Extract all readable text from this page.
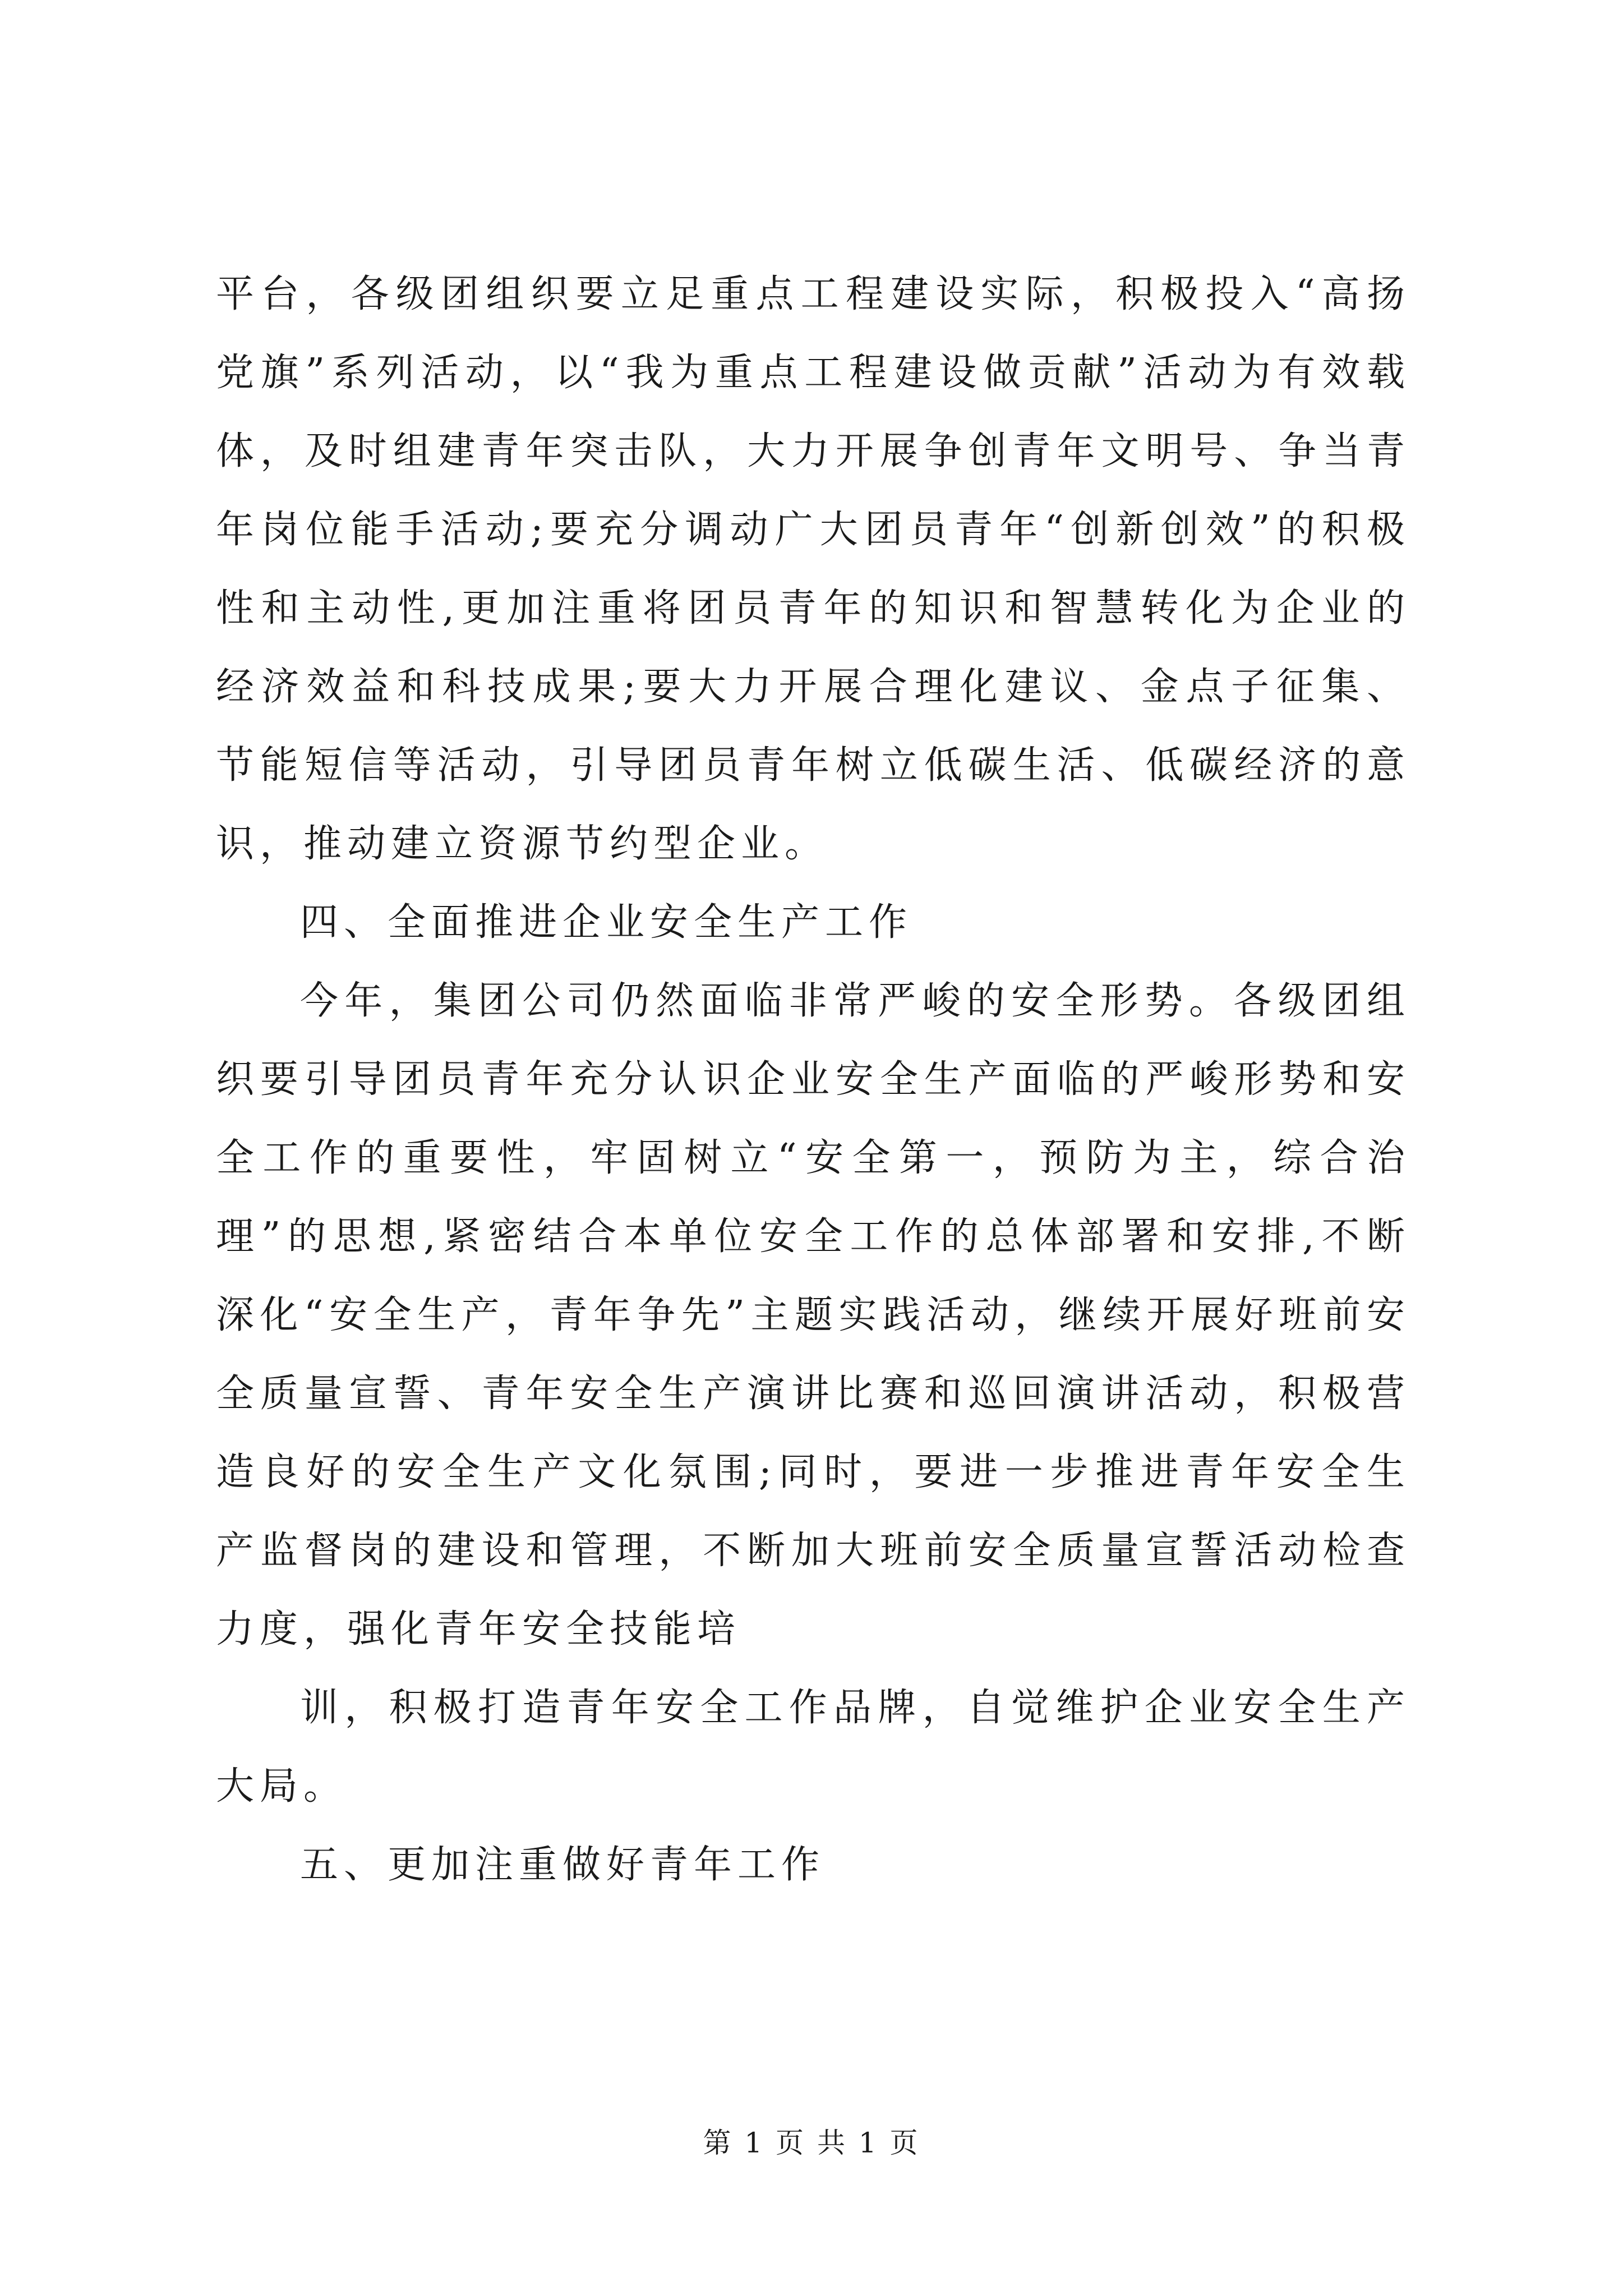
平台，各级团组织要立足重点工程建设实际，积极投入“高扬党旗”系列活动，以“我为重点工程建设做贡献”活动为有效载体，及时组建青年突击队，大力开展争创青年文明号、争当青年岗位能手活动;要充分调动广大团员青年“创新创效”的积极性和主动性,更加注重将团员青年的知识和智慧转化为企业的经济效益和科技成果;要大力开展合理化建议、金点子征集、节能短信等活动，引导团员青年树立低碳生活、低碳经济的意识，推动建立资源节约型企业。

四、全面推进企业安全生产工作

今年，集团公司仍然面临非常严峻的安全形势。各级团组织要引导团员青年充分认识企业安全生产面临的严峻形势和安全工作的重要性，牢固树立“安全第一，预防为主，综合治理”的思想,紧密结合本单位安全工作的总体部署和安排,不断深化“安全生产，青年争先”主题实践活动，继续开展好班前安全质量宣誓、青年安全生产演讲比赛和巡回演讲活动，积极营造良好的安全生产文化氛围;同时，要进一步推进青年安全生产监督岗的建设和管理，不断加大班前安全质量宣誓活动检查力度，强化青年安全技能培

训，积极打造青年安全工作品牌，自觉维护企业安全生产大局。

五、更加注重做好青年工作

第 1 页 共 1 页
